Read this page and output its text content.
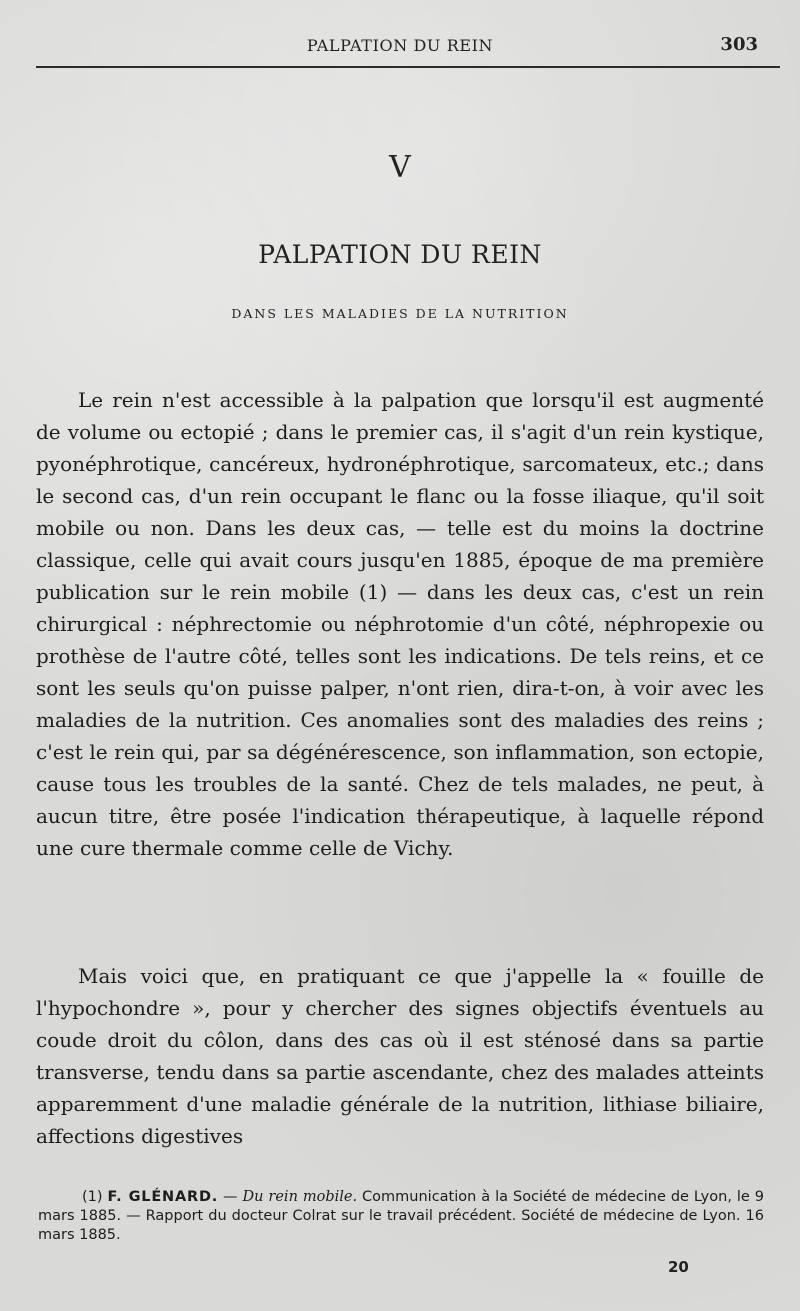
PALPATION DU REIN	303
V
PALPATION DU REIN
DANS LES MALADIES DE LA NUTRITION

Le rein n'est accessible à la palpation que lorsqu'il est augmenté de volume ou ectopié ; dans le premier cas, il s'agit d'un rein kystique, pyonéphrotique, cancéreux, hydronéphrotique, sarcomateux, etc.; dans le second cas, d'un rein occupant le flanc ou la fosse iliaque, qu'il soit mobile ou non. Dans les deux cas, — telle est du moins la doctrine classique, celle qui avait cours jusqu'en 1885, époque de ma première publication sur le rein mobile (1) — dans les deux cas, c'est un rein chirurgical : néphrectomie ou néphrotomie d'un côté, néphropexie ou prothèse de l'autre côté, telles sont les indications. De tels reins, et ce sont les seuls qu'on puisse palper, n'ont rien, dira-t-on, à voir avec les maladies de la nutrition. Ces anomalies sont des maladies des reins ; c'est le rein qui, par sa dégénérescence, son inflammation, son ectopie, cause tous les troubles de la santé. Chez de tels malades, ne peut, à aucun titre, être posée l'indication thérapeutique, à laquelle répond une cure thermale comme celle de Vichy.

Mais voici que, en pratiquant ce que j'appelle la « fouille de l'hypochondre », pour y chercher des signes objectifs éventuels au coude droit du côlon, dans des cas où il est sténosé dans sa partie transverse, tendu dans sa partie ascendante, chez des malades atteints apparemment d'une maladie générale de la nutrition, lithiase biliaire, affections digestives

(1) F. GLÉNARD. — Du rein mobile. Communication à la Société de médecine de Lyon, le 9 mars 1885. — Rapport du docteur Colrat sur le travail précédent. Société de médecine de Lyon. 16 mars 1885.

20
